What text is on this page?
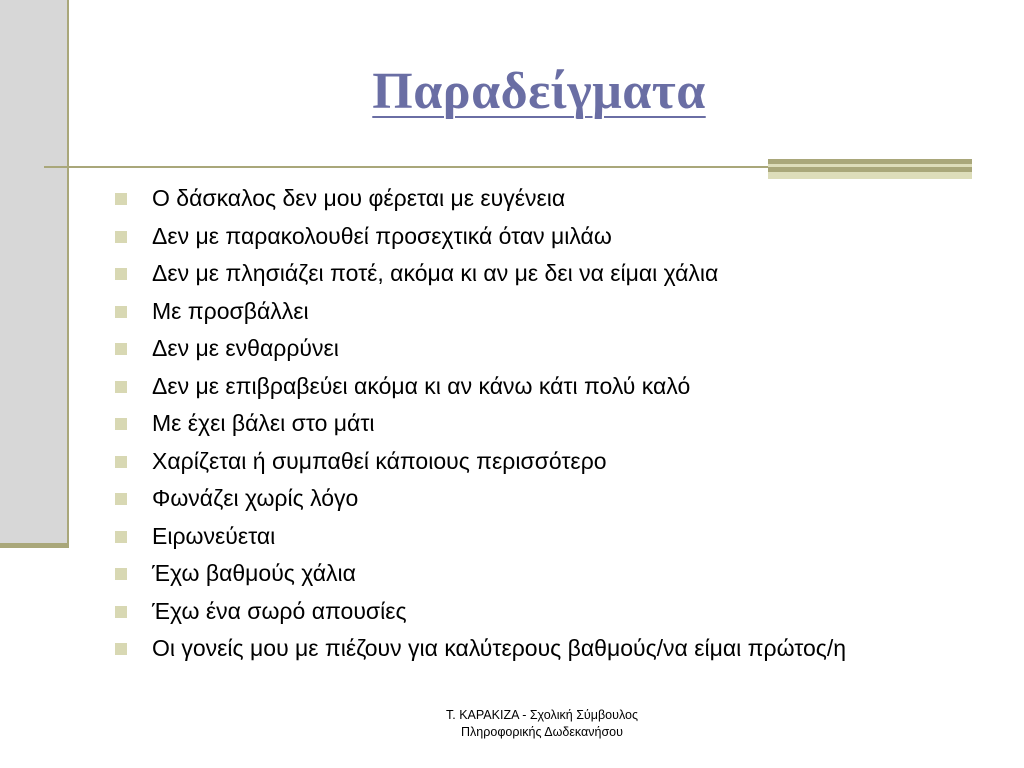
Παραδείγματα
Ο δάσκαλος δεν μου φέρεται με ευγένεια
Δεν με παρακολουθεί προσεχτικά όταν μιλάω
Δεν με πλησιάζει ποτέ, ακόμα κι αν με δει να είμαι χάλια
Με προσβάλλει
Δεν με ενθαρρύνει
Δεν με επιβραβεύει ακόμα κι αν κάνω κάτι πολύ καλό
Με έχει βάλει στο μάτι
Χαρίζεται ή συμπαθεί κάποιους περισσότερο
Φωνάζει χωρίς λόγο
Ειρωνεύεται
Έχω βαθμούς χάλια
Έχω ένα σωρό απουσίες
Οι γονείς μου με πιέζουν για καλύτερους βαθμούς/να είμαι πρώτος/η
Τ. ΚΑΡΑΚΙΖΑ - Σχολική Σύμβουλος
Πληροφορικής Δωδεκανήσου
